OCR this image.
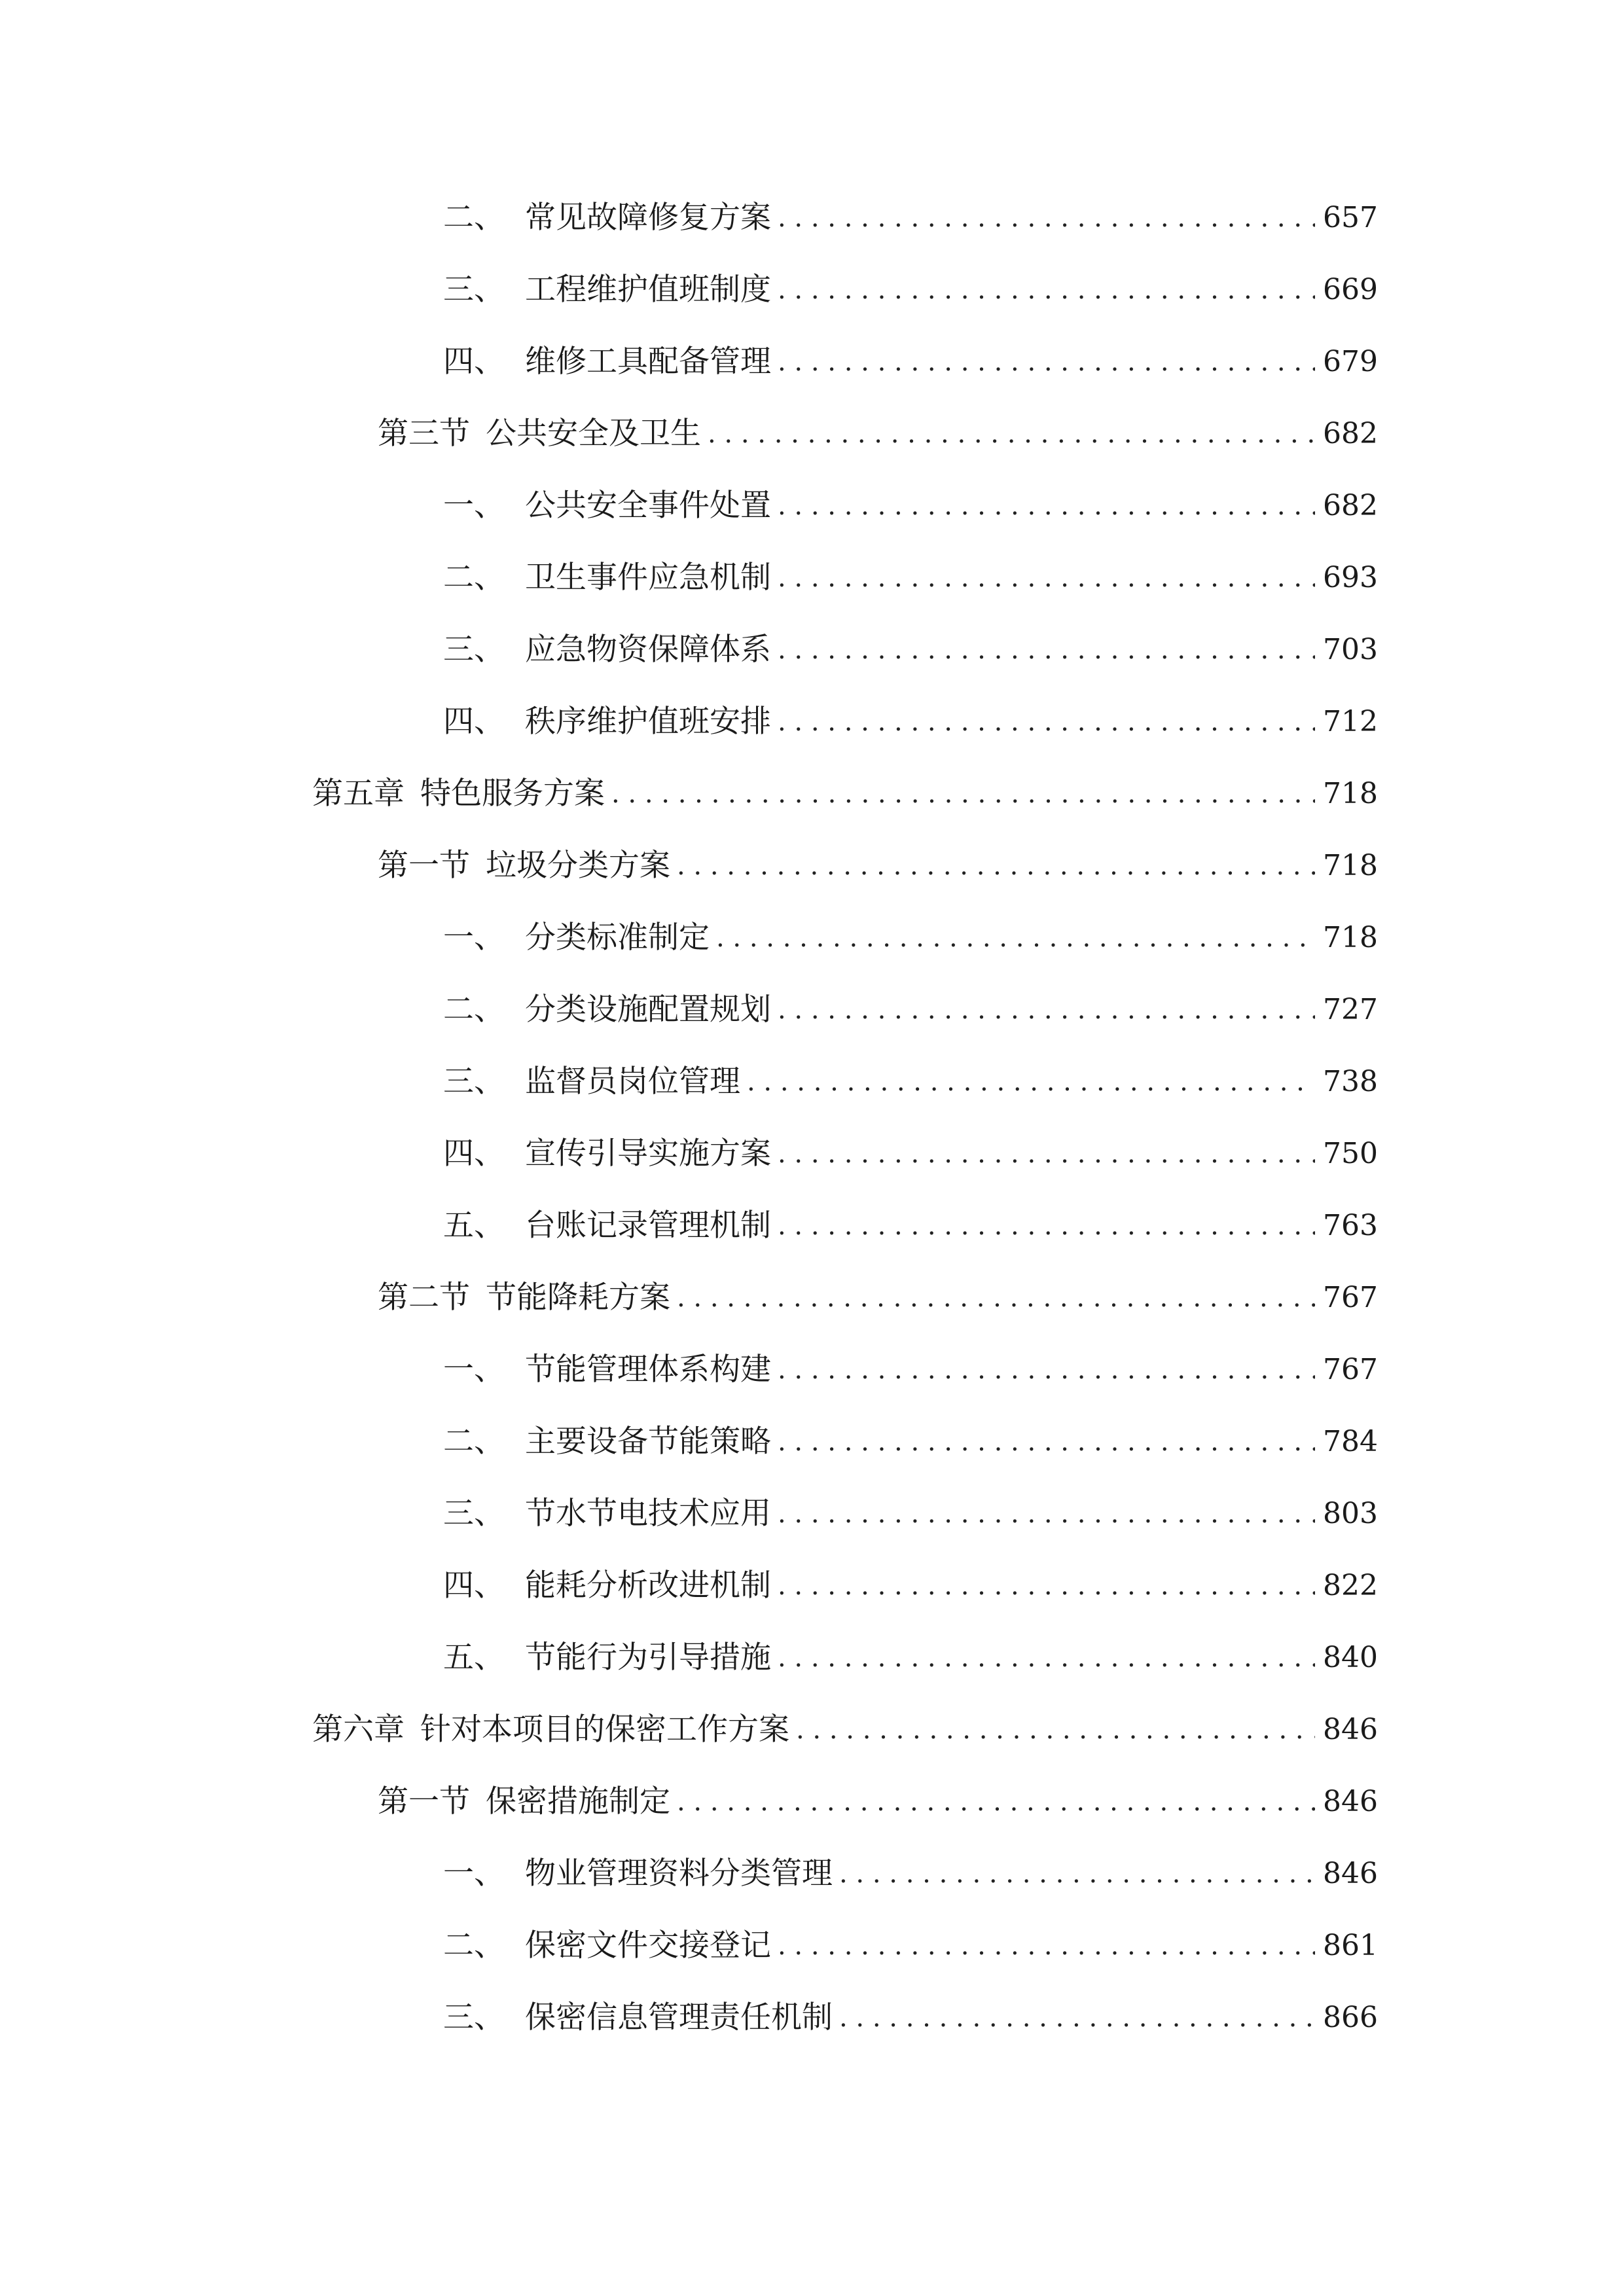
二、 常见故障修复方案 . . .	657
三、 工程维护值班制度 . . .	669
四、 维修工具配备管理 . . .	679
第三节 公共安全及卫生 . . .	682
一、 公共安全事件处置 . . .	682
二、 卫生事件应急机制 . . .	693
三、 应急物资保障体系 . . .	703
四、 秩序维护值班安排 . . .	712
第五章 特色服务方案 . . .	718
第一节 垃圾分类方案 . . .	718
一、 分类标准制定 . . .	718
二、 分类设施配置规划 . . .	727
三、 监督员岗位管理 . . .	738
四、 宣传引导实施方案 . . .	750
五、 台账记录管理机制 . . .	763
第二节 节能降耗方案 . . .	767
一、 节能管理体系构建 . . .	767
二、 主要设备节能策略 . . .	784
三、 节水节电技术应用 . . .	803
四、 能耗分析改进机制 . . .	822
五、 节能行为引导措施 . . .	840
第六章 针对本项目的保密工作方案 . . .	846
第一节 保密措施制定 . . .	846
一、 物业管理资料分类管理 . . .	846
二、 保密文件交接登记 . . .	861
三、 保密信息管理责任机制 . . .	866
